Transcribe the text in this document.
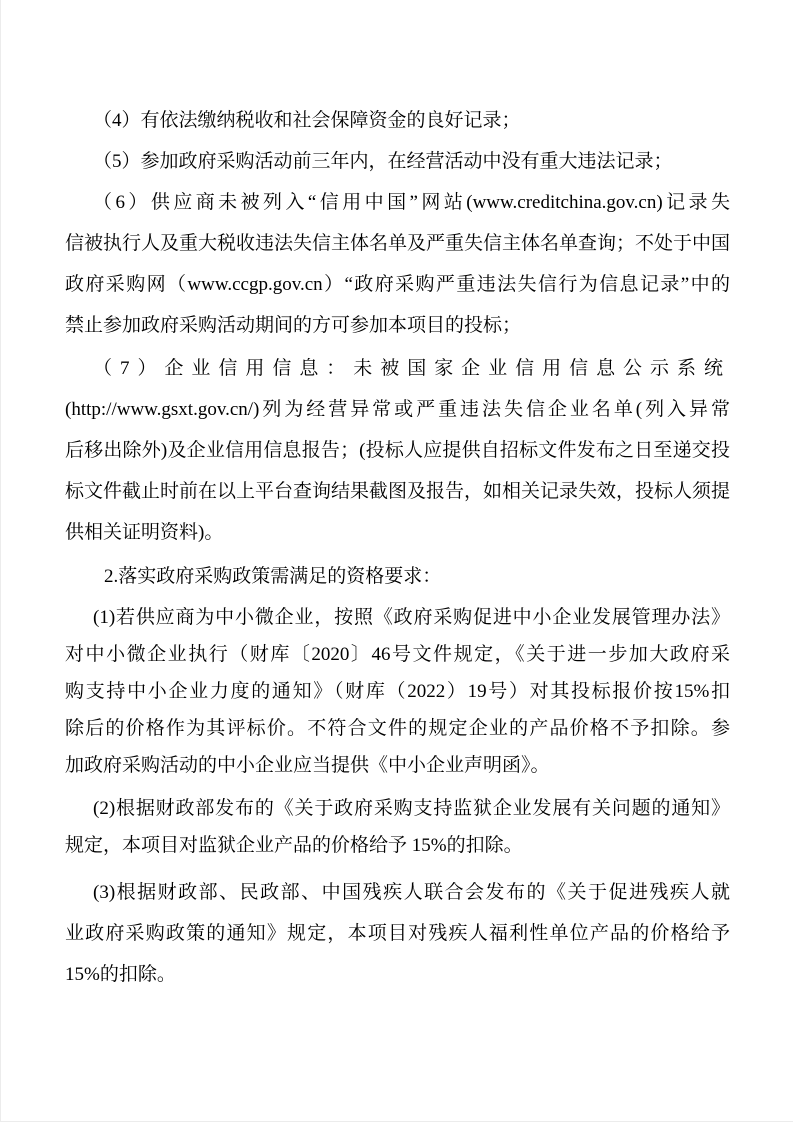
（4）有依法缴纳税收和社会保障资金的良好记录；
（5）参加政府采购活动前三年内，在经营活动中没有重大违法记录；
（6）供应商未被列入“信用中国”网站(www.creditchina.gov.cn)记录失
信被执行人及重大税收违法失信主体名单及严重失信主体名单查询；不处于中国
政府采购网（www.ccgp.gov.cn）“政府采购严重违法失信行为信息记录”中的
禁止参加政府采购活动期间的方可参加本项目的投标；
（7）企业信用信息：未被国家企业信用信息公示系统
(http://www.gsxt.gov.cn/)列为经营异常或严重违法失信企业名单(列入异常
后移出除外)及企业信用信息报告；(投标人应提供自招标文件发布之日至递交投
标文件截止时前在以上平台查询结果截图及报告，如相关记录失效，投标人须提
供相关证明资料)。
2.落实政府采购政策需满足的资格要求：
(1)若供应商为中小微企业，按照《政府采购促进中小企业发展管理办法》
对中小微企业执行（财库〔2020〕46号文件规定，《关于进一步加大政府采
购支持中小企业力度的通知》（财库（2022）19号）对其投标报价按15%扣
除后的价格作为其评标价。不符合文件的规定企业的产品价格不予扣除。参
加政府采购活动的中小企业应当提供《中小企业声明函》。
(2)根据财政部发布的《关于政府采购支持监狱企业发展有关问题的通知》
规定，本项目对监狱企业产品的价格给予 15%的扣除。
(3)根据财政部、民政部、中国残疾人联合会发布的《关于促进残疾人就
业政府采购政策的通知》规定，本项目对残疾人福利性单位产品的价格给予
15%的扣除。
